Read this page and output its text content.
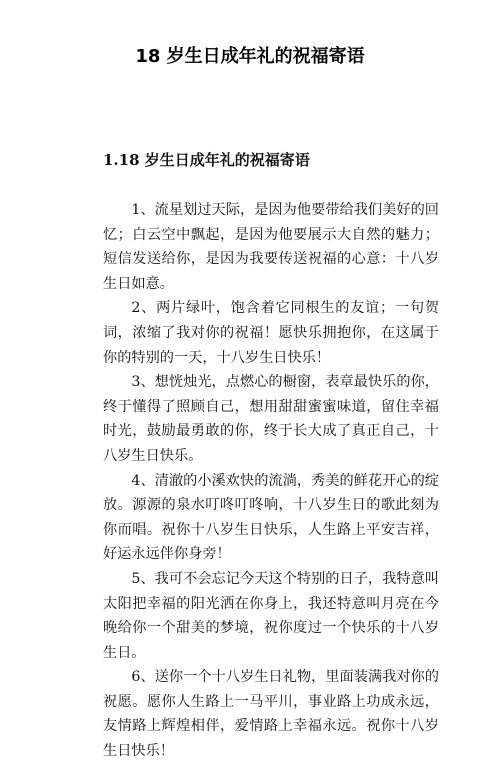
18 岁生日成年礼的祝福寄语
1.18 岁生日成年礼的祝福寄语

1、流星划过天际，是因为他要带给我们美好的回忆；白云空中飘起，是因为他要展示大自然的魅力；短信发送给你，是因为我要传送祝福的心意：十八岁生日如意。

2、两片绿叶，饱含着它同根生的友谊；一句贺词，浓缩了我对你的祝福！愿快乐拥抱你，在这属于你的特别的一天，十八岁生日快乐！

3、想恍烛光，点燃心的橱窗，表章最快乐的你，终于懂得了照顾自己，想用甜甜蜜蜜味道，留住幸福时光，鼓励最勇敢的你，终于长大成了真正自己，十八岁生日快乐。

4、清澈的小溪欢快的流淌，秀美的鲜花开心的绽放。源源的泉水叮咚叮咚响，十八岁生日的歌此刻为你而唱。祝你十八岁生日快乐，人生路上平安吉祥，好运永远伴你身旁！

5、我可不会忘记今天这个特别的日子，我特意叫太阳把幸福的阳光洒在你身上，我还特意叫月亮在今晚给你一个甜美的梦境，祝你度过一个快乐的十八岁生日。

6、送你一个十八岁生日礼物，里面装满我对你的祝愿。愿你人生路上一马平川，事业路上功成永远，友情路上辉煌相伴，爱情路上幸福永远。祝你十八岁生日快乐！
